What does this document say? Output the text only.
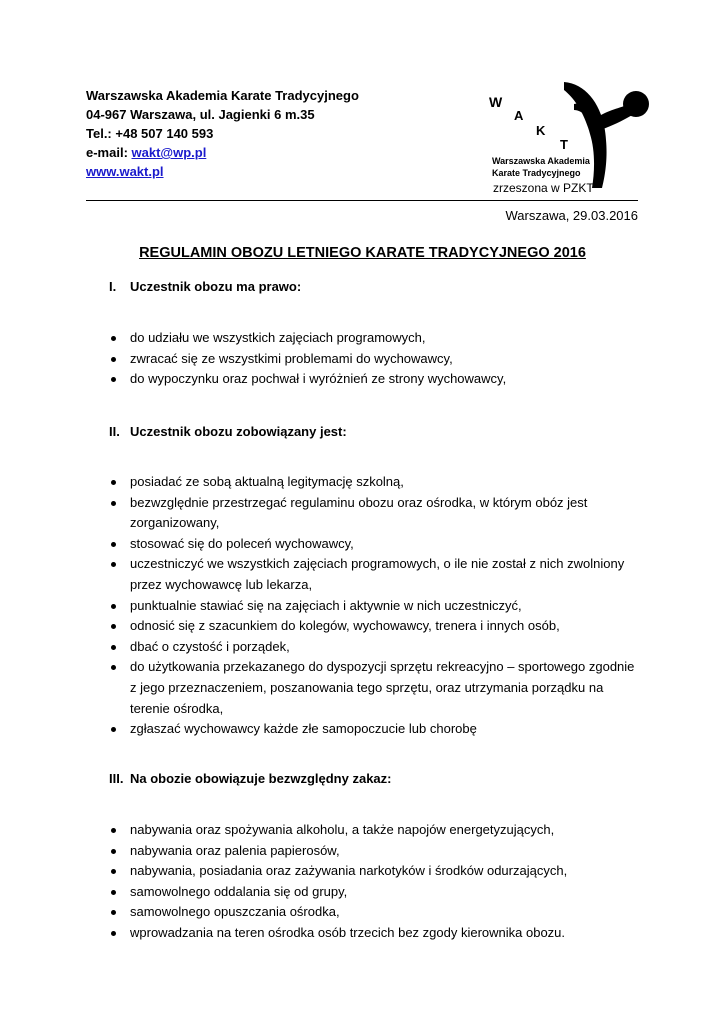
Warszawska Akademia Karate Tradycyjnego
04-967 Warszawa, ul. Jagienki 6 m.35
Tel.: +48 507 140 593
e-mail: wakt@wp.pl
www.wakt.pl
W
A
K
T
Warszawska Akademia
Karate Tradycyjnego
zrzeszona w PZKT
Warszawa, 29.03.2016
REGULAMIN OBOZU LETNIEGO KARATE TRADYCYJNEGO 2016
I. Uczestnik obozu ma prawo:
do udziału we wszystkich zajęciach programowych,
zwracać się ze wszystkimi problemami do wychowawcy,
do wypoczynku oraz pochwał i wyróżnień ze strony wychowawcy,
II. Uczestnik obozu zobowiązany jest:
posiadać ze sobą aktualną legitymację szkolną,
bezwzględnie przestrzegać regulaminu obozu oraz ośrodka, w którym obóz jest zorganizowany,
stosować się do poleceń wychowawcy,
uczestniczyć we wszystkich zajęciach programowych, o ile nie został z nich zwolniony przez wychowawcę lub lekarza,
punktualnie stawiać się na zajęciach i aktywnie w nich uczestniczyć,
odnosić się z szacunkiem do kolegów, wychowawcy, trenera i innych osób,
dbać o czystość i porządek,
do użytkowania przekazanego do dyspozycji sprzętu rekreacyjno – sportowego zgodnie z jego przeznaczeniem, poszanowania tego sprzętu, oraz utrzymania porządku na terenie ośrodka,
zgłaszać wychowawcy każde złe samopoczucie lub chorobę
III. Na obozie obowiązuje bezwzględny zakaz:
nabywania oraz spożywania alkoholu, a także napojów energetyzujących,
nabywania oraz palenia papierosów,
nabywania, posiadania oraz zażywania narkotyków i środków odurzających,
samowolnego oddalania się od grupy,
samowolnego opuszczania ośrodka,
wprowadzania na teren ośrodka osób trzecich bez zgody kierownika obozu.
